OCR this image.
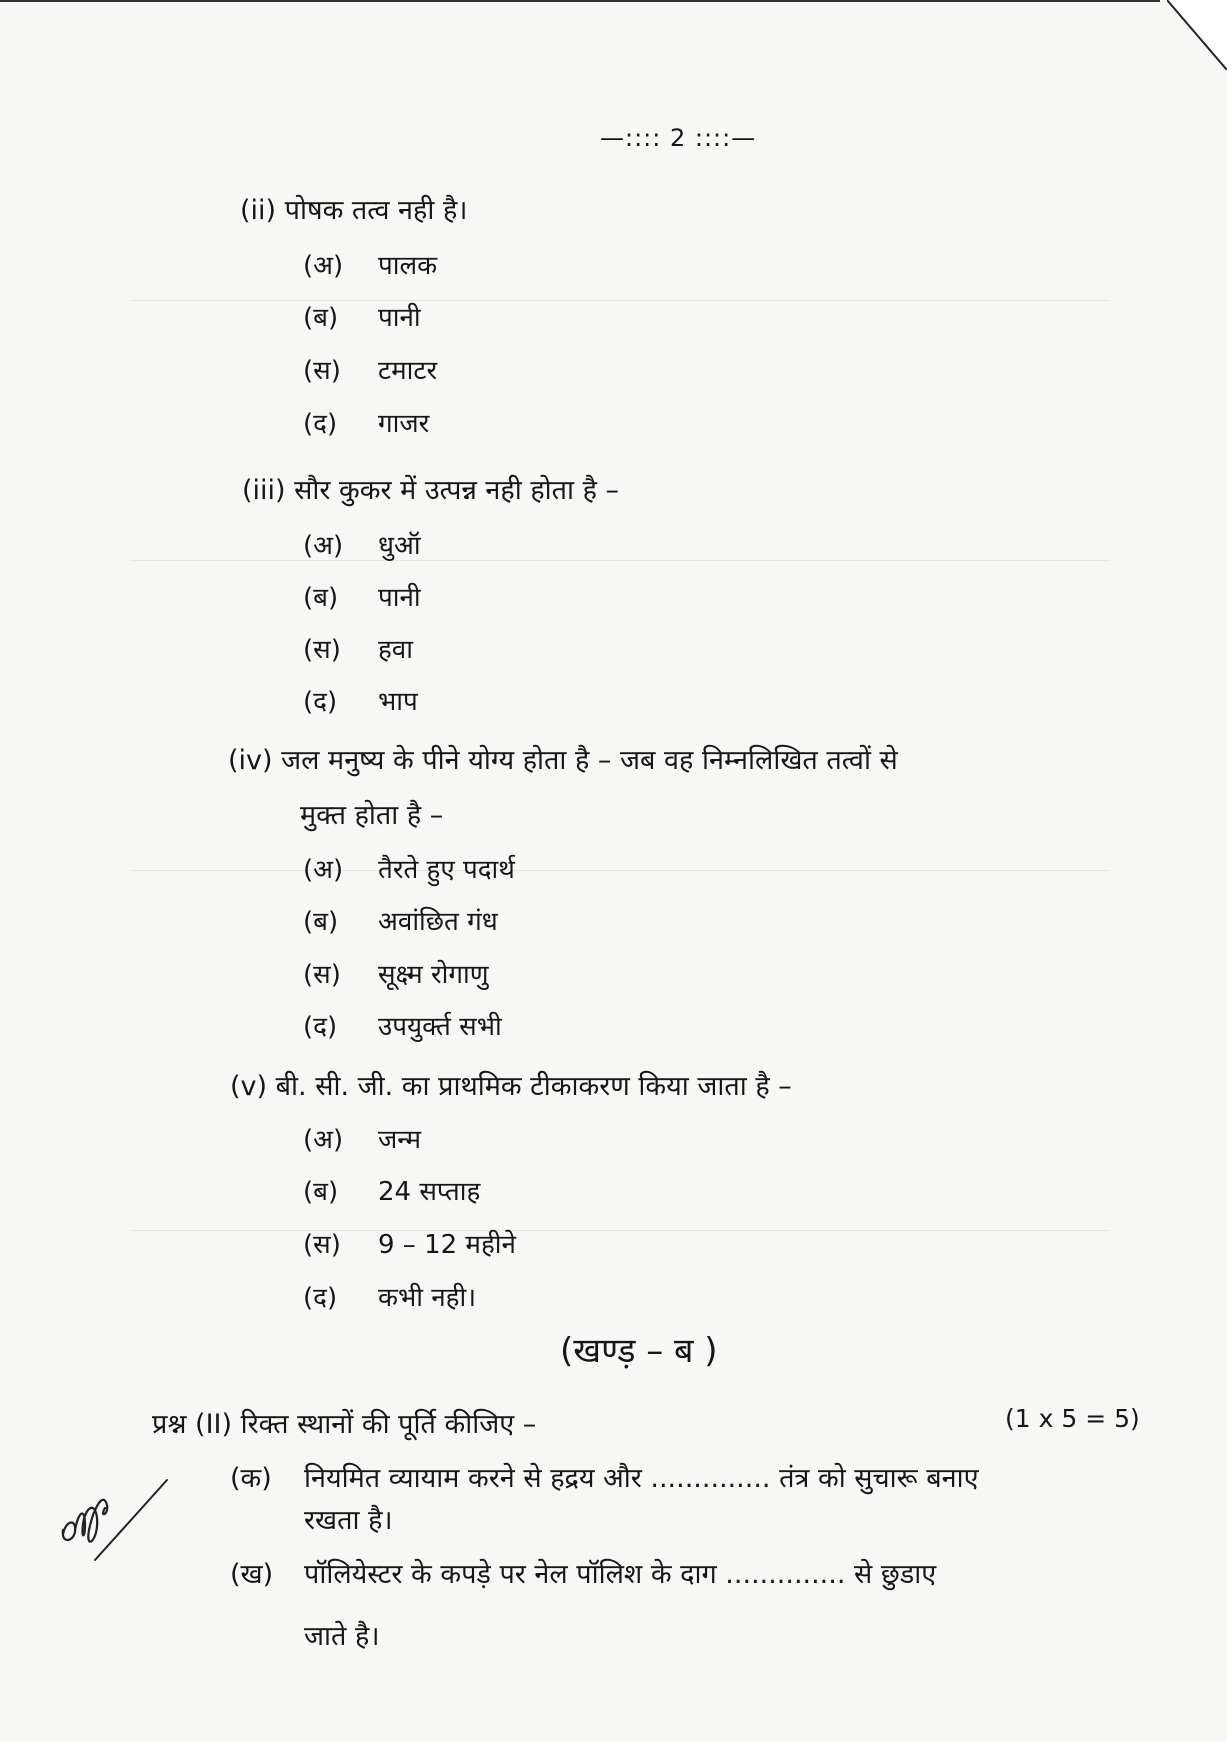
—:::: 2 ::::—
(ii) पोषक तत्व नही है।
(अ) पालक
(ब) पानी
(स) टमाटर
(द) गाजर
(iii) सौर कुकर में उत्पन्न नही होता है –
(अ) धुऑ
(ब) पानी
(स) हवा
(द) भाप
(iv) जल मनुष्य के पीने योग्य होता है – जब वह निम्नलिखित तत्वों से
मुक्त होता है –
(अ) तैरते हुए पदार्थ
(ब) अवांछित गंध
(स) सूक्ष्म रोगाणु
(द) उपयुर्क्त सभी
(v) बी. सी. जी. का प्राथमिक टीकाकरण किया जाता है –
(अ) जन्म
(ब) 24 सप्ताह
(स) 9 – 12 महीने
(द) कभी नही।
(खण्ड़ – ब )
प्रश्न (II) रिक्त स्थानों की पूर्ति कीजिए –	(1 x 5 = 5)
(क) नियमित व्यायाम करने से हद्रय और .............. तंत्र को सुचारू बनाए
रखता है।
(ख) पॉलियेस्टर के कपड़े पर नेल पॉलिश के दाग .............. से छुडाए
जाते है।
